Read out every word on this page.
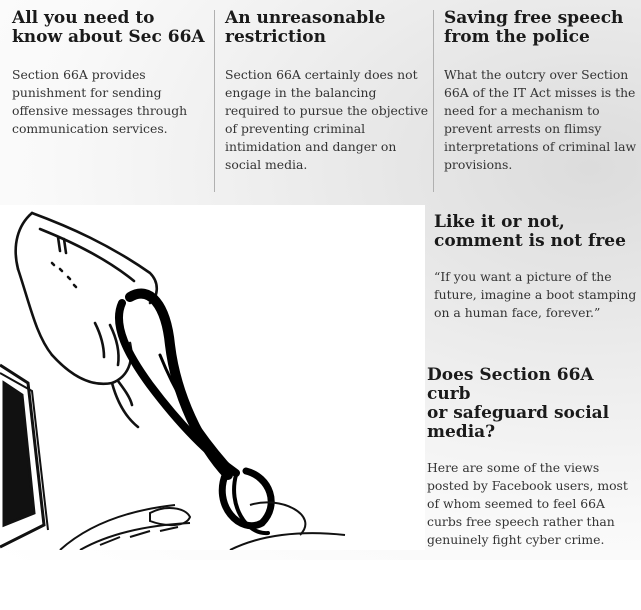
All you need to
know about Sec 66A

Section 66A provides
punishment for sending
offensive messages through
communication services.

An unreasonable
restriction

Section 66A certainly does not
engage in the balancing
required to pursue the objective
of preventing criminal
intimidation and danger on
social media.

Saving free speech
from the police

What the outcry over Section
66A of the IT Act misses is the
need for a mechanism to
prevent arrests on flimsy
interpretations of criminal law
provisions.

Like it or not,
comment is not free

“If you want a picture of the
future, imagine a boot stamping
on a human face, forever.”

Does Section 66A curb
or safeguard social
media?

Here are some of the views
posted by Facebook users, most
of whom seemed to feel 66A
curbs free speech rather than
genuinely fight cyber crime.
